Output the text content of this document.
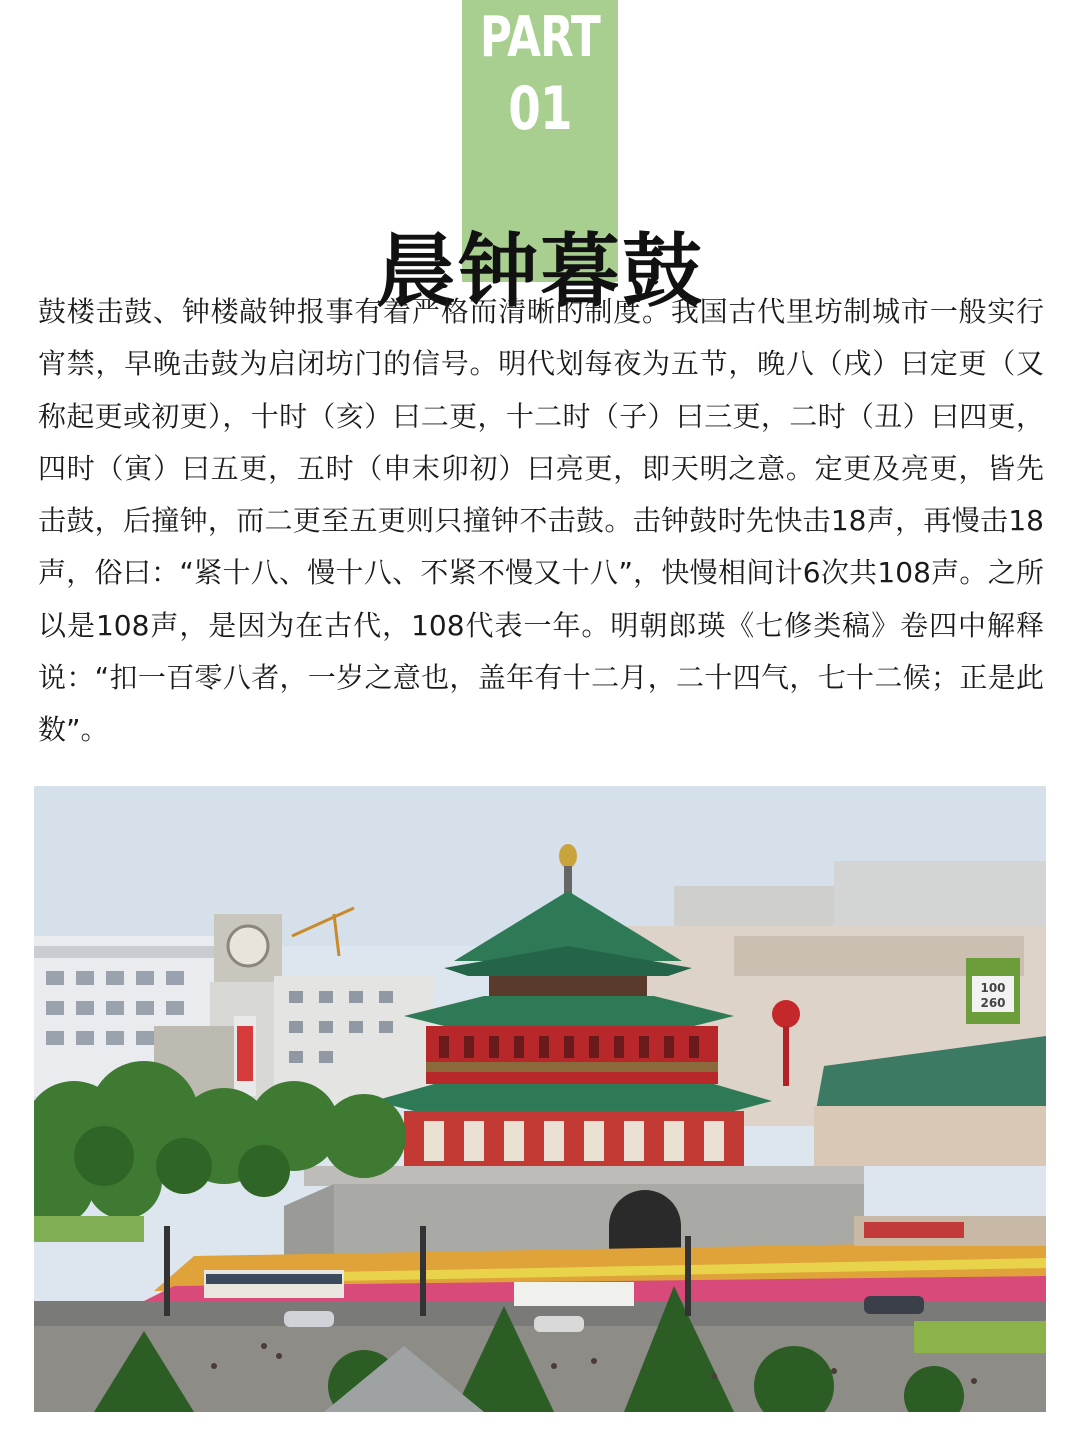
PART
01
晨钟暮鼓

鼓楼击鼓、钟楼敲钟报事有着严格而清晰的制度。我国古代里坊制城市一般实行宵禁，早晚击鼓为启闭坊门的信号。明代划每夜为五节，晚八（戌）曰定更（又称起更或初更），十时（亥）曰二更，十二时（子）曰三更，二时（丑）曰四更，四时（寅）曰五更，五时（申末卯初）曰亮更，即天明之意。定更及亮更，皆先击鼓，后撞钟，而二更至五更则只撞钟不击鼓。击钟鼓时先快击18声，再慢击18声，俗曰：“紧十八、慢十八、不紧不慢又十八”，快慢相间计6次共108声。之所以是108声，是因为在古代，108代表一年。明朝郎瑛《七修类稿》卷四中解释说：“扣一百零八者，一岁之意也，盖年有十二月，二十四气，七十二候；正是此数”。

100
260
